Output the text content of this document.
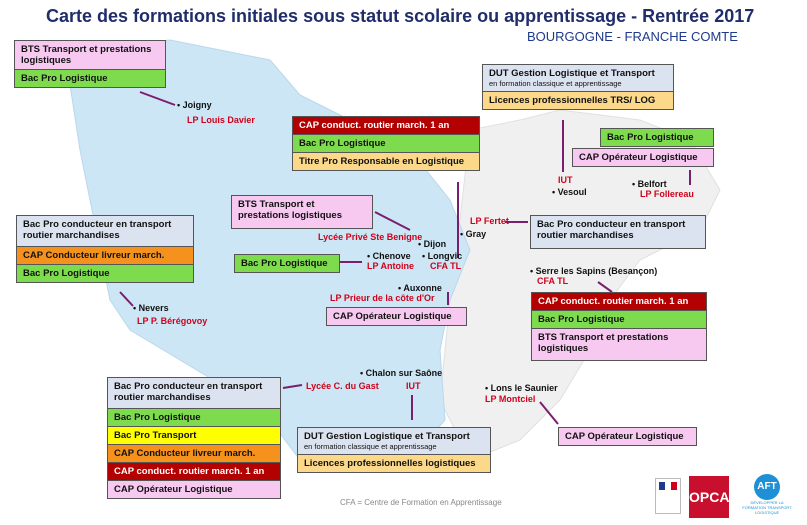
Carte des formations initiales sous statut scolaire ou apprentissage - Rentrée 2017
BOURGOGNE - FRANCHE COMTE
BTS Transport et prestations logistiques
Bac Pro Logistique
• Joigny
LP Louis Davier	CAP conduct. routier march. 1 an
Bac Pro Logistique
Titre Pro Responsable en Logistique
DUT Gestion Logistique et Transport
en formation classique et apprentissage
Licences professionnelles TRS/ LOG
IUT
• Vesoul
Bac Pro Logistique
CAP Opérateur Logistique
• Belfort
LP Follereau
BTS Transport et prestations logistiques
Lycée Privé Ste Benigne
• Dijon
• Gray
• Chenove
•	Longvic
LP Antoine CFA TL
Bac Pro Logistique
LP Fertet	Bac Pro conducteur en transport routier marchandises
Bac Pro conducteur en transport routier marchandises
CAP Conducteur livreur march.
Bac Pro Logistique
• Nevers
LP P. Bérégovoy
• Serre les Sapins (Besançon)
CFA TL
CAP conduct. routier march. 1 an
Bac Pro Logistique
BTS Transport et prestations logistiques
• Auxonne
LP Prieur de la côte d'Or
CAP Opérateur Logistique
• Chalon sur Saône
Lycée C. du Gast	IUT
Bac Pro conducteur en transport routier marchandises
Bac Pro Logistique
Bac Pro Transport
CAP Conducteur livreur march.
CAP conduct. routier march. 1 an
CAP Opérateur Logistique
DUT Gestion Logistique et Transport
en formation classique et apprentissage
Licences professionnelles logistiques
• Lons le Saunier
LP Montciel
CAP Opérateur Logistique
CFA = Centre de Formation en Apprentissage	OPCA
AFT
DÉVELOPPER LA FORMATION TRANSPORT LOGISTIQUE
